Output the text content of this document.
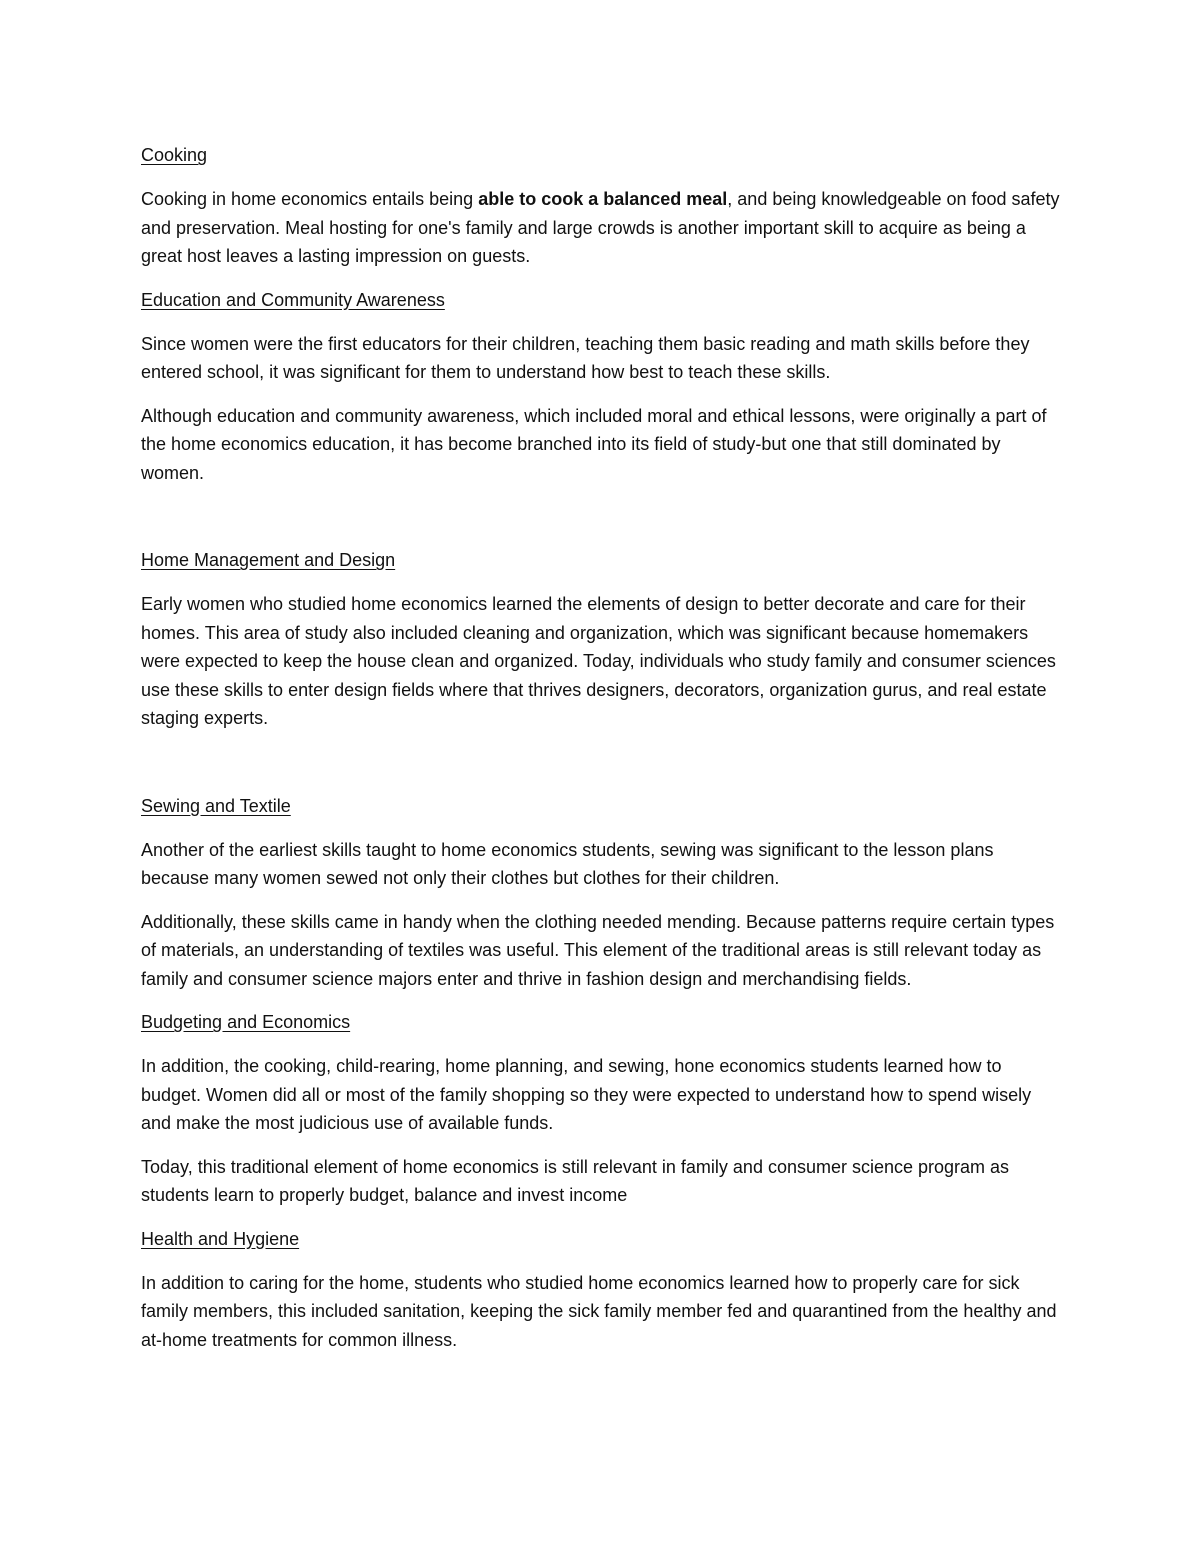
Cooking

Cooking in home economics entails being able to cook a balanced meal, and being knowledgeable on food safety and preservation. Meal hosting for one's family and large crowds is another important skill to acquire as being a great host leaves a lasting impression on guests.

Education and Community Awareness

Since women were the first educators for their children, teaching them basic reading and math skills before they entered school, it was significant for them to understand how best to teach these skills.

Although education and community awareness, which included moral and ethical lessons, were originally a part of the home economics education, it has become branched into its field of study-but one that still dominated by women.

Home Management and Design

Early women who studied home economics learned the elements of design to better decorate and care for their homes. This area of study also included cleaning and organization, which was significant because homemakers were expected to keep the house clean and organized. Today, individuals who study family and consumer sciences use these skills to enter design fields where that thrives designers, decorators, organization gurus, and real estate staging experts.

Sewing and Textile

Another of the earliest skills taught to home economics students, sewing was significant to the lesson plans because many women sewed not only their clothes but clothes for their children.

Additionally, these skills came in handy when the clothing needed mending. Because patterns require certain types of materials, an understanding of textiles was useful. This element of the traditional areas is still relevant today as family and consumer science majors enter and thrive in fashion design and merchandising fields.

Budgeting and Economics

In addition, the cooking, child-rearing, home planning, and sewing, hone economics students learned how to budget. Women did all or most of the family shopping so they were expected to understand how to spend wisely and make the most judicious use of available funds.

Today, this traditional element of home economics is still relevant in family and consumer science program as students learn to properly budget, balance and invest income

Health and Hygiene

In addition to caring for the home, students who studied home economics learned how to properly care for sick family members, this included sanitation, keeping the sick family member fed and quarantined from the healthy and at-home treatments for common illness.
